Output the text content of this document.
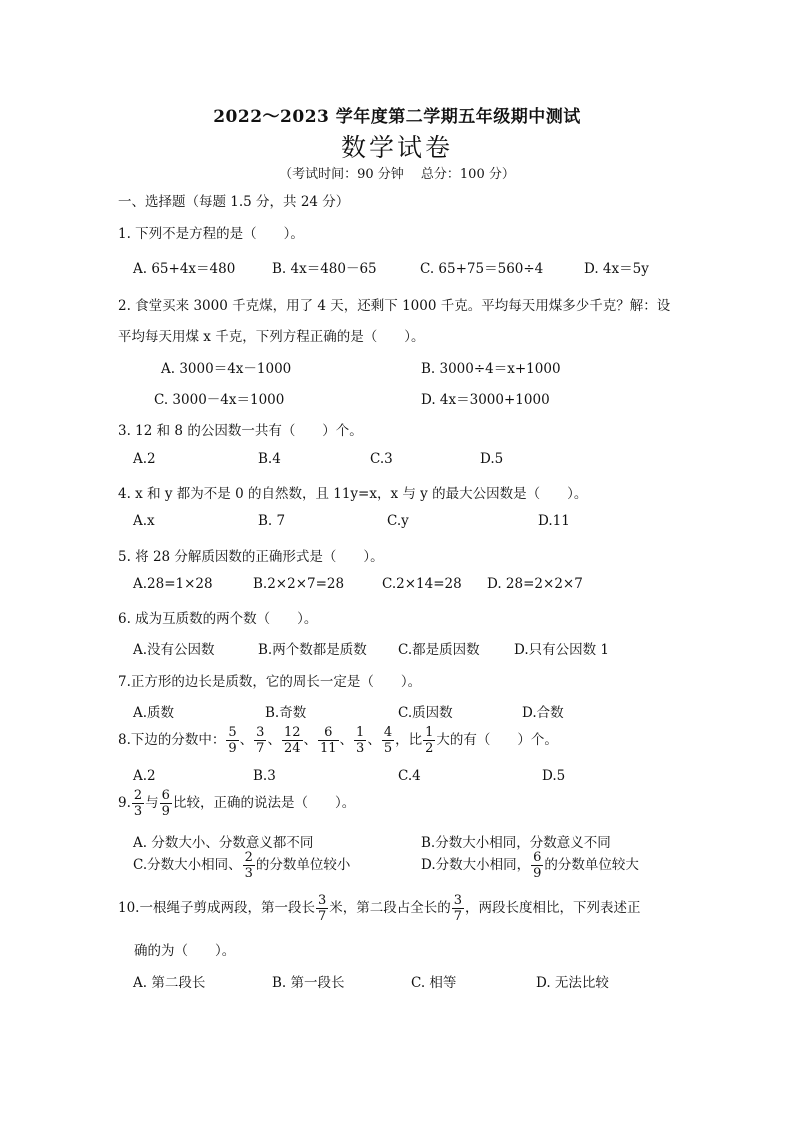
2022～2023 学年度第二学期五年级期中测试
数学试卷
（考试时间：90 分钟　 总分：100 分）
一、选择题（每题 1.5 分，共 24 分）
1. 下列不是方程的是（　　）。
A. 65+4x＝480	B. 4x＝480－65	C. 65+75＝560÷4	D. 4x＝5y
2. 食堂买来 3000 千克煤，用了 4 天，还剩下 1000 千克。平均每天用煤多少千克？解：设
平均每天用煤 x 千克，下列方程正确的是（　　）。
A. 3000＝4x－1000	B. 3000÷4＝x+1000
C. 3000－4x＝1000	D. 4x＝3000+1000
3. 12 和 8 的公因数一共有（　　）个。
A.2	B.4	C.3	D.5
4. x 和 y 都为不是 0 的自然数，且 11y=x，x 与 y 的最大公因数是（　　）。
A.x	B. 7	C.y	D.11
5. 将 28 分解质因数的正确形式是（　　）。
A.28=1×28	B.2×2×7=28	C.2×14=28 D. 28=2×2×7
6. 成为互质数的两个数（　　）。
A.没有公因数	B.两个数都是质数 C.都是质因数	D.只有公因数 1
7.正方形的边长是质数，它的周长一定是（　　）。
A.质数	B.奇数	C.质因数	D.合数
8.下边的分数中： $\frac{5}{9}$ 、 $\frac{3}{7}$ 、 $\frac{12}{24}$ 、 $\frac{6}{11}$ 、 $\frac{1}{3}$ 、 $\frac{4}{5}$ ，比 $\frac{1}{2}$ 大的有（　　）个。
A.2	B.3	C.4	D.5
9. $\frac{2}{3}$ 与 $\frac{6}{9}$ 比较，正确的说法是（　　）。
A. 分数大小、分数意义都不同	B.分数大小相同，分数意义不同
C.分数大小相同、 $\frac{2}{3}$ 的分数单位较小	D.分数大小相同， $\frac{6}{9}$ 的分数单位较大
10.一根绳子剪成两段，第一段长 $\frac{3}{7}$ 米，第二段占全长的 $\frac{3}{7}$ ，两段长度相比，下列表述正
确的为（　　）。
A. 第二段长	B. 第一段长	C. 相等	D. 无法比较
